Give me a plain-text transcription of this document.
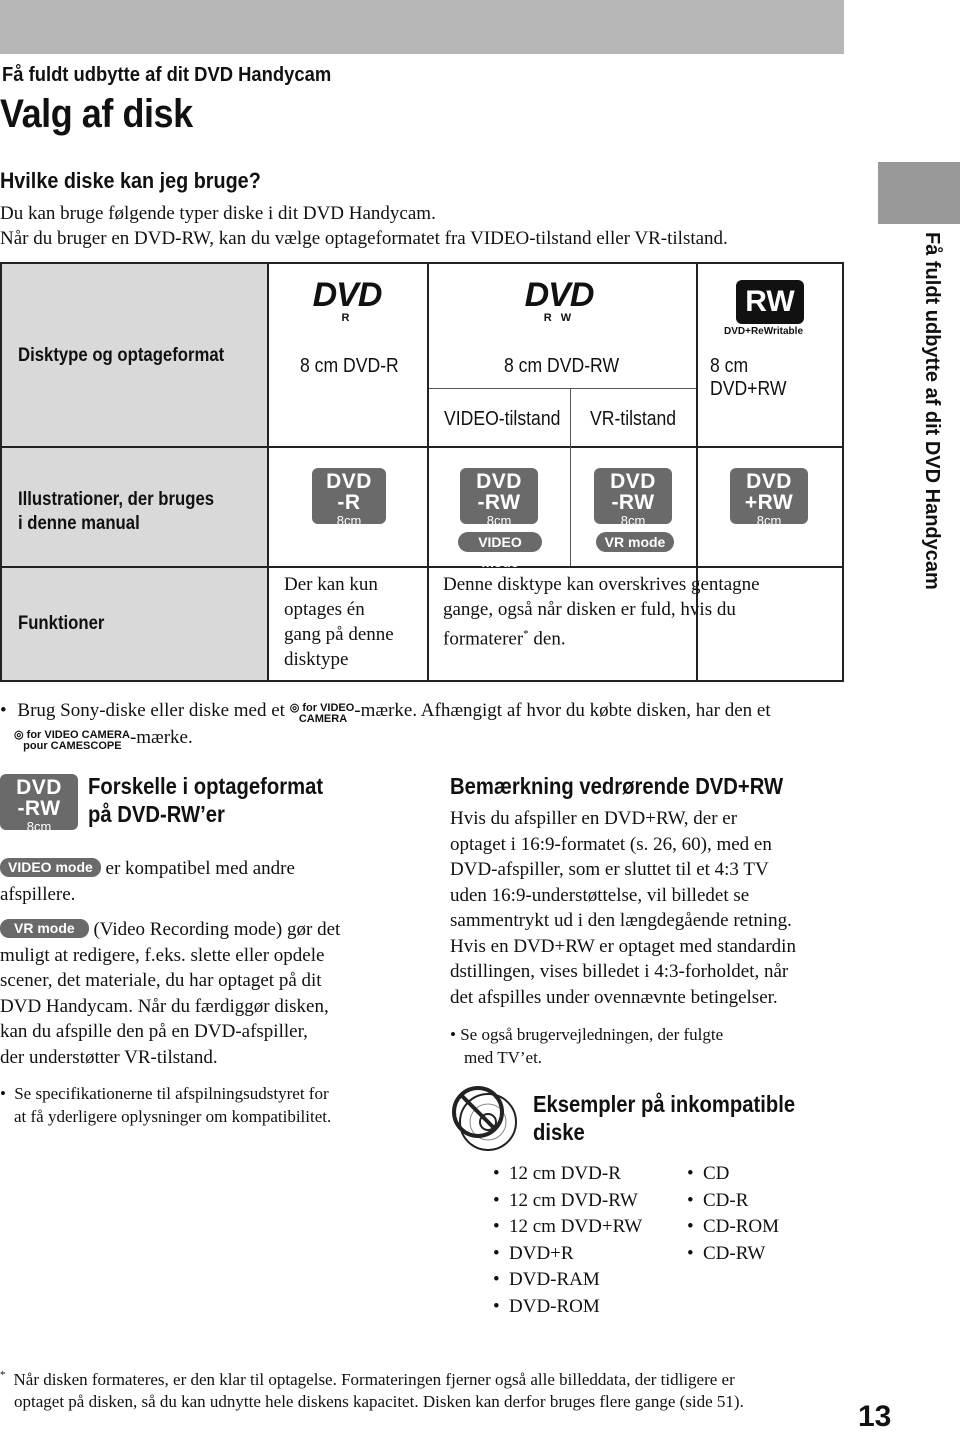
Få fuldt udbytte af dit DVD Handycam
Valg af disk
Hvilke diske kan jeg bruge?
Du kan bruge følgende typer diske i dit DVD Handycam.
Når du bruger en DVD-RW, kan du vælge optageformatet fra VIDEO-tilstand eller VR-tilstand.
Disktype og optageformat
Illustrationer, der bruges
i denne manual
Funktioner
DVD
R
DVD
R W
8 cm DVD-R	8 cm DVD-RW	8 cm DVD+RW
VIDEO-tilstand VR-tilstand
DVD
-R
8cm
DVD
-RW
8cm
VIDEO mode
DVD
-RW
8cm
VR mode
DVD
+RW
8cm
Der kan kun
optages én
gang på denne
disktype
Denne disktype kan overskrives gentagne
gange, også når disken er fuld, hvis du
formaterer* den.
RW
DVD+ReWritable
• Brug Sony-diske eller diske med et ◎ for VIDEO
CAMERA -mærke. Afhængigt af hvor du købte disken, har den et
◎ for VIDEO CAMERA
pour CAMESCOPE -mærke.
DVD
-RW
8cm
Forskelle i optageformat
på DVD-RW’er
VIDEO mode er kompatibel med andre
afspillere.
VR mode (Video Recording mode) gør det
muligt at redigere, f.eks. slette eller opdele
scener, det materiale, du har optaget på dit
DVD Handycam. Når du færdiggør disken,
kan du afspille den på en DVD-afspiller,
der understøtter VR-tilstand.
• Se specifikationerne til afspilningsudstyret for
at få yderligere oplysninger om kompatibilitet.
Bemærkning vedrørende DVD+RW
Hvis du afspiller en DVD+RW, der er
optaget i 16:9-formatet (s. 26, 60), med en
DVD-afspiller, som er sluttet til et 4:3 TV
uden 16:9-understøttelse, vil billedet se
sammentrykt ud i den længdegående retning.
Hvis en DVD+RW er optaget med standardin
dstillingen, vises billedet i 4:3-forholdet, når
det afspilles under ovennævnte betingelser.
• Se også brugervejledningen, der fulgte
med TV’et.
Eksempler på inkompatible
diske
• 12 cm DVD-R
• 12 cm DVD-RW
• 12 cm DVD+RW
• DVD+R
• DVD-RAM
• DVD-ROM
• CD
• CD-R
• CD-ROM
• CD-RW
* Når disken formateres, er den klar til optagelse. Formateringen fjerner også alle billeddata, der tidligere er
optaget på disken, så du kan udnytte hele diskens kapacitet. Disken kan derfor bruges flere gange (side 51).
Få fuldt udbytte af dit DVD Handycam
13
